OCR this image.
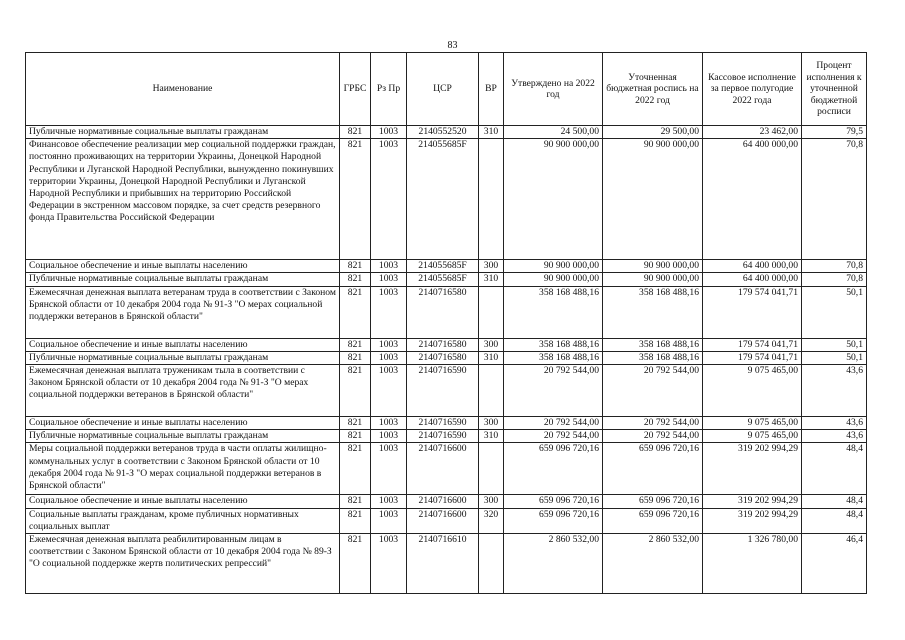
83
Наименование	ГРБС	Рз Пр	ЦСР	ВР	Утверждено на 2022 год	Уточненная бюджетная роспись на 2022 год	Кассовое исполнение за первое полугодие 2022 года	Процент исполнения к уточненной бюджетной росписи
Публичные нормативные социальные выплаты гражданам	821	1003	2140552520	310	24 500,00	29 500,00	23 462,00	79,5
Финансовое обеспечение реализации мер социальной поддержки граждан, постоянно проживающих на территории Украины, Донецкой Народной Республики и Луганской Народной Республики, вынужденно покинувших территории Украины, Донецкой Народной Республики и Луганской Народной Республики и прибывших на территорию Российской Федерации в экстренном массовом порядке, за счет средств резервного фонда Правительства Российской Федерации	821	1003	214055685F		90 900 000,00	90 900 000,00	64 400 000,00	70,8
Социальное обеспечение и иные выплаты населению	821	1003	214055685F	300	90 900 000,00	90 900 000,00	64 400 000,00	70,8
Публичные нормативные социальные выплаты гражданам	821	1003	214055685F	310	90 900 000,00	90 900 000,00	64 400 000,00	70,8
Ежемесячная денежная выплата ветеранам труда в соответствии с Законом Брянской области от 10 декабря 2004 года № 91-З "О мерах социальной поддержки ветеранов в Брянской области"	821	1003	2140716580		358 168 488,16	358 168 488,16	179 574 041,71	50,1
Социальное обеспечение и иные выплаты населению	821	1003	2140716580	300	358 168 488,16	358 168 488,16	179 574 041,71	50,1
Публичные нормативные социальные выплаты гражданам	821	1003	2140716580	310	358 168 488,16	358 168 488,16	179 574 041,71	50,1
Ежемесячная денежная выплата труженикам тыла в соответствии с Законом Брянской области от 10 декабря 2004 года № 91-З "О мерах социальной поддержки ветеранов в Брянской области"	821	1003	2140716590		20 792 544,00	20 792 544,00	9 075 465,00	43,6
Социальное обеспечение и иные выплаты населению	821	1003	2140716590	300	20 792 544,00	20 792 544,00	9 075 465,00	43,6
Публичные нормативные социальные выплаты гражданам	821	1003	2140716590	310	20 792 544,00	20 792 544,00	9 075 465,00	43,6
Меры социальной поддержки ветеранов труда в части оплаты жилищно-коммунальных услуг в соответствии с Законом Брянской области от 10 декабря 2004 года № 91-З "О мерах социальной поддержки ветеранов в Брянской области"	821	1003	2140716600		659 096 720,16	659 096 720,16	319 202 994,29	48,4
Социальное обеспечение и иные выплаты населению	821	1003	2140716600	300	659 096 720,16	659 096 720,16	319 202 994,29	48,4
Социальные выплаты гражданам, кроме публичных нормативных социальных выплат	821	1003	2140716600	320	659 096 720,16	659 096 720,16	319 202 994,29	48,4
Ежемесячная денежная выплата реабилитированным лицам в соответствии с Законом Брянской области от 10 декабря 2004 года № 89-З "О социальной поддержке жертв политических репрессий"	821	1003	2140716610		2 860 532,00	2 860 532,00	1 326 780,00	46,4
